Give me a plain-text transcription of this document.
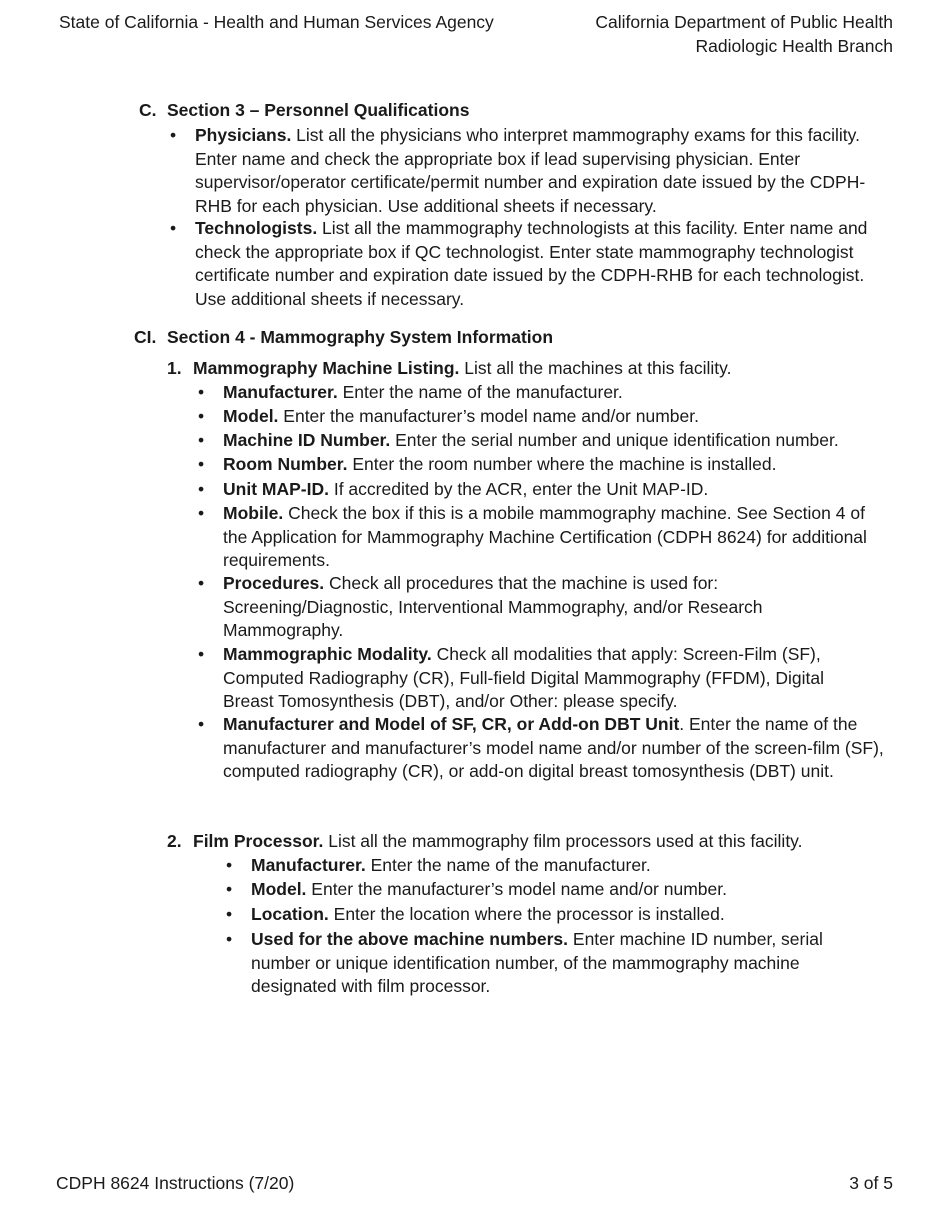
State of California - Health and Human Services Agency	California Department of Public Health
Radiologic Health Branch
C. Section 3 – Personnel Qualifications
• Physicians. List all the physicians who interpret mammography exams for this facility. Enter name and check the appropriate box if lead supervising physician. Enter supervisor/operator certificate/permit number and expiration date issued by the CDPH-RHB for each physician. Use additional sheets if necessary.
• Technologists. List all the mammography technologists at this facility. Enter name and check the appropriate box if QC technologist. Enter state mammography technologist certificate number and expiration date issued by the CDPH-RHB for each technologist. Use additional sheets if necessary.
CI. Section 4 - Mammography System Information
1. Mammography Machine Listing. List all the machines at this facility.
• Manufacturer. Enter the name of the manufacturer.
• Model. Enter the manufacturer’s model name and/or number.
• Machine ID Number. Enter the serial number and unique identification number.
• Room Number. Enter the room number where the machine is installed.
• Unit MAP-ID. If accredited by the ACR, enter the Unit MAP-ID.
• Mobile. Check the box if this is a mobile mammography machine. See Section 4 of the Application for Mammography Machine Certification (CDPH 8624) for additional requirements.
• Procedures. Check all procedures that the machine is used for: Screening/Diagnostic, Interventional Mammography, and/or Research Mammography.
• Mammographic Modality. Check all modalities that apply: Screen-Film (SF), Computed Radiography (CR), Full-field Digital Mammography (FFDM), Digital Breast Tomosynthesis (DBT), and/or Other: please specify.
• Manufacturer and Model of SF, CR, or Add-on DBT Unit. Enter the name of the manufacturer and manufacturer’s model name and/or number of the screen-film (SF), computed radiography (CR), or add-on digital breast tomosynthesis (DBT) unit.
2. Film Processor. List all the mammography film processors used at this facility.
• Manufacturer. Enter the name of the manufacturer.
• Model. Enter the manufacturer’s model name and/or number.
• Location. Enter the location where the processor is installed.
• Used for the above machine numbers. Enter machine ID number, serial number or unique identification number, of the mammography machine designated with film processor.
CDPH 8624 Instructions (7/20)	3 of 5
